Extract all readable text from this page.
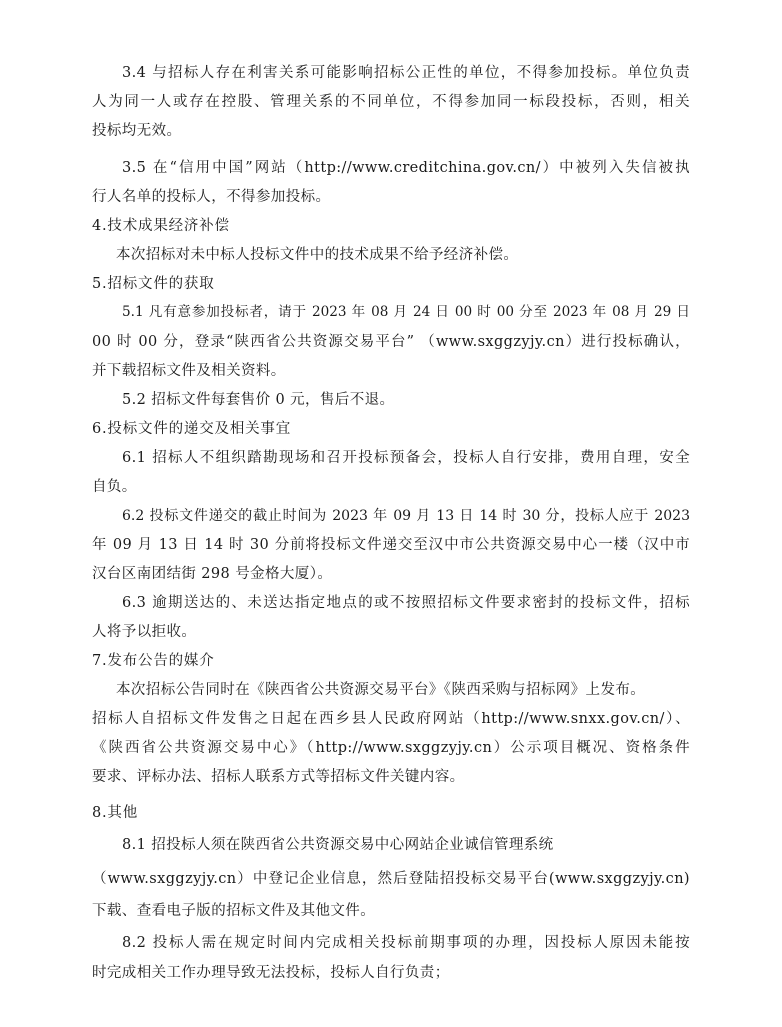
3.4 与招标人存在利害关系可能影响招标公正性的单位，不得参加投标。单位负责
人为同一人或存在控股、管理关系的不同单位，不得参加同一标段投标，否则，相关
投标均无效。
3.5 在“信用中国”网站（http://www.creditchina.gov.cn/）中被列入失信被执
行人名单的投标人，不得参加投标。
4.技术成果经济补偿
本次招标对未中标人投标文件中的技术成果不给予经济补偿。
5.招标文件的获取
5.1 凡有意参加投标者，请于 2023 年 08 月 24 日 00 时 00 分至 2023 年 08 月 29 日
00 时 00 分，登录“陕西省公共资源交易平台” （www.sxggzyjy.cn）进行投标确认，
并下载招标文件及相关资料。
5.2 招标文件每套售价 0 元，售后不退。
6.投标文件的递交及相关事宜
6.1 招标人不组织踏勘现场和召开投标预备会，投标人自行安排，费用自理，安全
自负。
6.2 投标文件递交的截止时间为 2023 年 09 月 13 日 14 时 30 分，投标人应于 2023
年 09 月 13 日 14 时 30 分前将投标文件递交至汉中市公共资源交易中心一楼（汉中市
汉台区南团结街 298 号金格大厦）。
6.3 逾期送达的、未送达指定地点的或不按照招标文件要求密封的投标文件，招标
人将予以拒收。
7.发布公告的媒介
本次招标公告同时在《陕西省公共资源交易平台》《陕西采购与招标网》上发布。
招标人自招标文件发售之日起在西乡县人民政府网站（http://www.snxx.gov.cn/）、
《陕西省公共资源交易中心》（http://www.sxggzyjy.cn）公示项目概况、资格条件
要求、评标办法、招标人联系方式等招标文件关键内容。
8.其他
8.1 招投标人须在陕西省公共资源交易中心网站企业诚信管理系统
（www.sxggzyjy.cn）中登记企业信息，然后登陆招投标交易平台(www.sxggzyjy.cn)
下载、查看电子版的招标文件及其他文件。
8.2 投标人需在规定时间内完成相关投标前期事项的办理，因投标人原因未能按
时完成相关工作办理导致无法投标，投标人自行负责；
